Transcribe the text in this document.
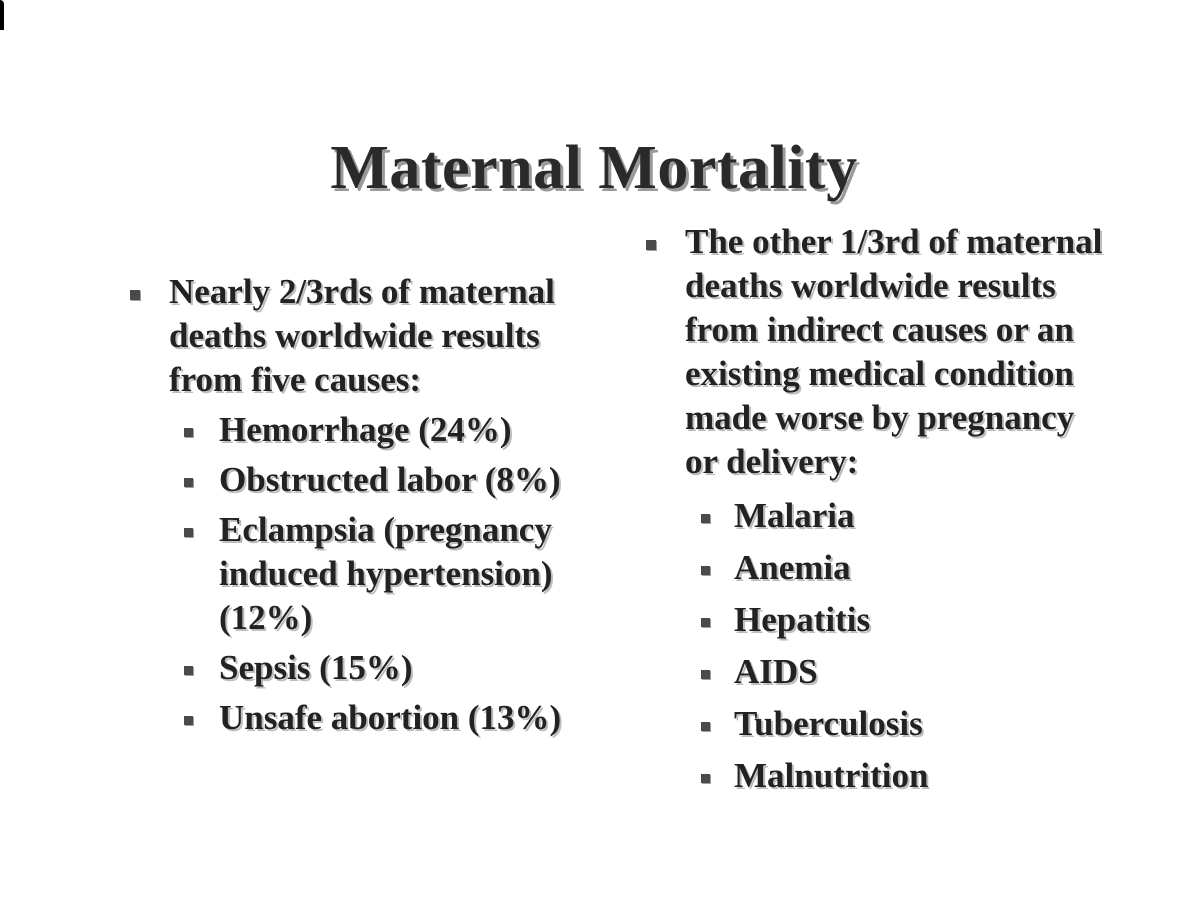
Maternal Mortality
Nearly 2/3rds of maternal deaths worldwide results from five causes:
Hemorrhage (24%)
Obstructed labor (8%)
Eclampsia (pregnancy induced hypertension) (12%)
Sepsis (15%)
Unsafe abortion (13%)
The other 1/3rd of maternal deaths worldwide results from indirect causes or an existing medical condition made worse by pregnancy or delivery:
Malaria
Anemia
Hepatitis
AIDS
Tuberculosis
Malnutrition
